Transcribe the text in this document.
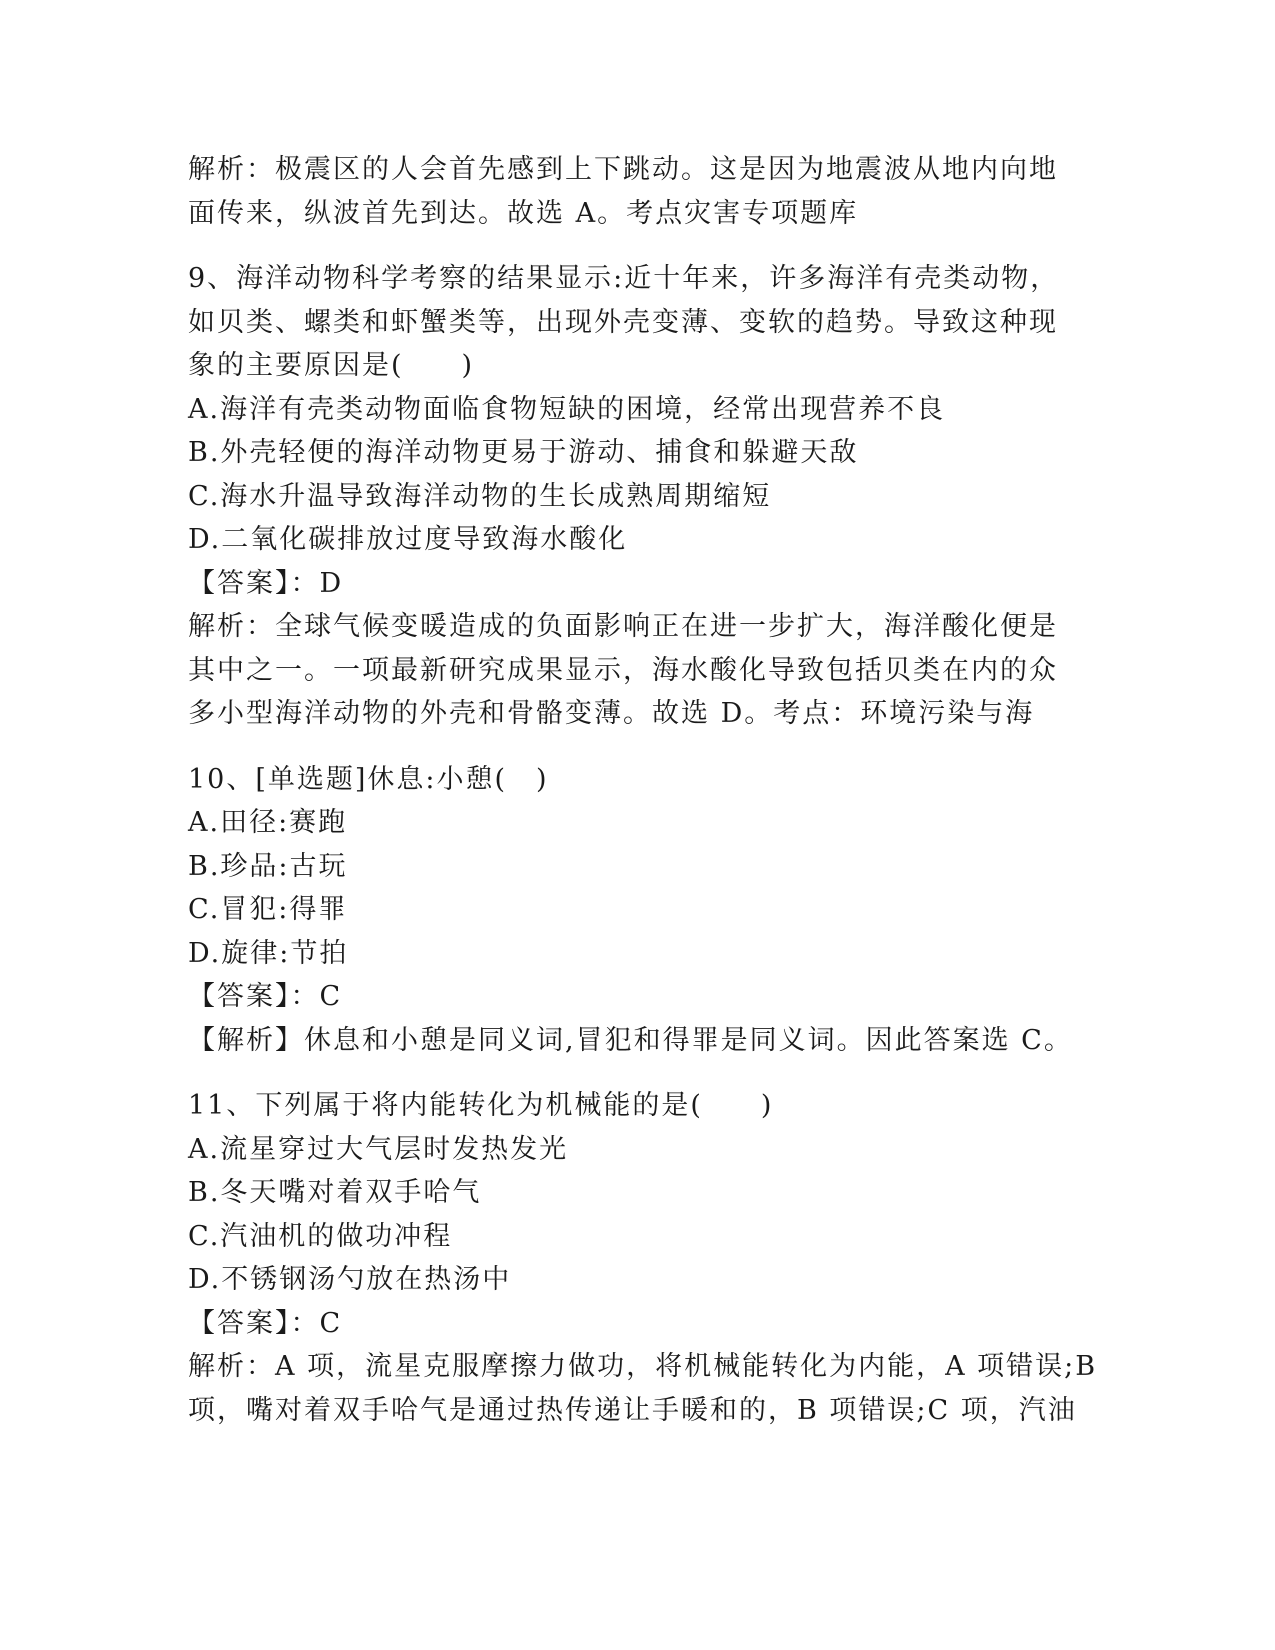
解析：极震区的人会首先感到上下跳动。这是因为地震波从地内向地
面传来，纵波首先到达。故选 A。考点灾害专项题库
9、海洋动物科学考察的结果显示:近十年来，许多海洋有壳类动物，
如贝类、螺类和虾蟹类等，出现外壳变薄、变软的趋势。导致这种现
象的主要原因是(　　)
A.海洋有壳类动物面临食物短缺的困境，经常出现营养不良
B.外壳轻便的海洋动物更易于游动、捕食和躲避天敌
C.海水升温导致海洋动物的生长成熟周期缩短
D.二氧化碳排放过度导致海水酸化
【答案】：D
解析：全球气候变暖造成的负面影响正在进一步扩大，海洋酸化便是
其中之一。一项最新研究成果显示，海水酸化导致包括贝类在内的众
多小型海洋动物的外壳和骨骼变薄。故选 D。考点：环境污染与海
10、[单选题]休息:小憩(　)
A.田径:赛跑
B.珍品:古玩
C.冒犯:得罪
D.旋律:节拍
【答案】：C
【解析】休息和小憩是同义词,冒犯和得罪是同义词。因此答案选 C。
11、下列属于将内能转化为机械能的是(　　)
A.流星穿过大气层时发热发光
B.冬天嘴对着双手哈气
C.汽油机的做功冲程
D.不锈钢汤勺放在热汤中
【答案】：C
解析：A 项，流星克服摩擦力做功，将机械能转化为内能，A 项错误;B
项，嘴对着双手哈气是通过热传递让手暖和的，B 项错误;C 项，汽油
